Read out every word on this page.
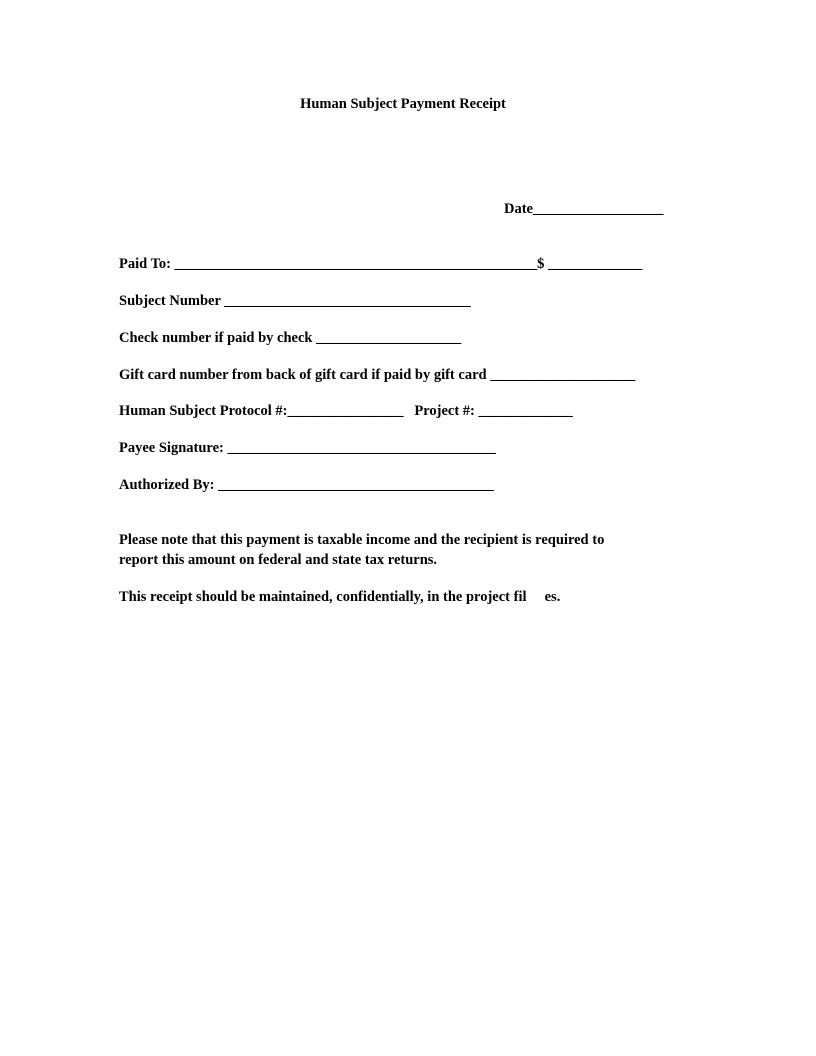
Human Subject Payment Receipt
Date__________________
Paid To: __________________________________________________$ _____________
Subject Number __________________________________
Check number if paid by check ____________________
Gift card number from back of gift card if paid by gift card ____________________
Human Subject Protocol #:________________   Project #: _____________
Payee Signature: _____________________________________
Authorized By: ______________________________________
Please note that this payment is taxable income and the recipient is required to
report this amount on federal and state tax returns.
This receipt should be maintained, confidentially, in the project fil     es.
